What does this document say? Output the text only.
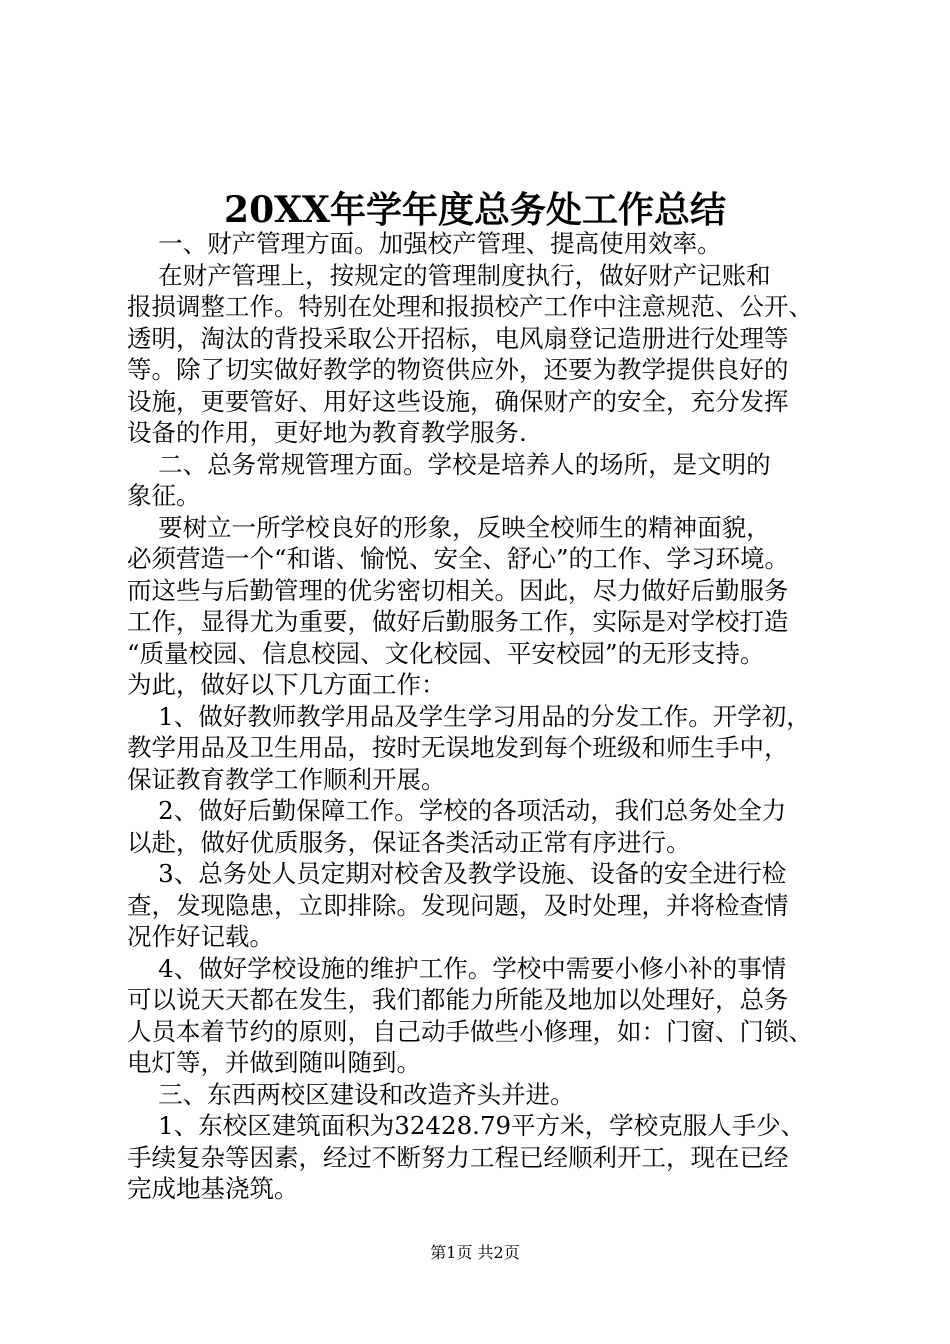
20XX年学年度总务处工作总结

一、财产管理方面。加强校产管理、提高使用效率。

在财产管理上，按规定的管理制度执行，做好财产记账和

报损调整工作。特别在处理和报损校产工作中注意规范、公开、

透明，淘汰的背投采取公开招标，电风扇登记造册进行处理等

等。除了切实做好教学的物资供应外，还要为教学提供良好的

设施，更要管好、用好这些设施，确保财产的安全，充分发挥

设备的作用，更好地为教育教学服务.

二、总务常规管理方面。学校是培养人的场所，是文明的

象征。

要树立一所学校良好的形象，反映全校师生的精神面貌，

必须营造一个“和谐、愉悦、安全、舒心”的工作、学习环境。

而这些与后勤管理的优劣密切相关。因此，尽力做好后勤服务

工作，显得尤为重要，做好后勤服务工作，实际是对学校打造

“质量校园、信息校园、文化校园、平安校园”的无形支持。

为此，做好以下几方面工作：

1、做好教师教学用品及学生学习用品的分发工作。开学初，

教学用品及卫生用品，按时无误地发到每个班级和师生手中，

保证教育教学工作顺利开展。

2、做好后勤保障工作。学校的各项活动，我们总务处全力

以赴，做好优质服务，保证各类活动正常有序进行。

3、总务处人员定期对校舍及教学设施、设备的安全进行检

查，发现隐患，立即排除。发现问题，及时处理，并将检查情

况作好记载。

4、做好学校设施的维护工作。学校中需要小修小补的事情

可以说天天都在发生，我们都能力所能及地加以处理好，总务

人员本着节约的原则，自己动手做些小修理，如：门窗、门锁、

电灯等，并做到随叫随到。

三、东西两校区建设和改造齐头并进。

1、东校区建筑面积为32428.79平方米，学校克服人手少、

手续复杂等因素，经过不断努力工程已经顺利开工，现在已经

完成地基浇筑。

第1页 共2页
